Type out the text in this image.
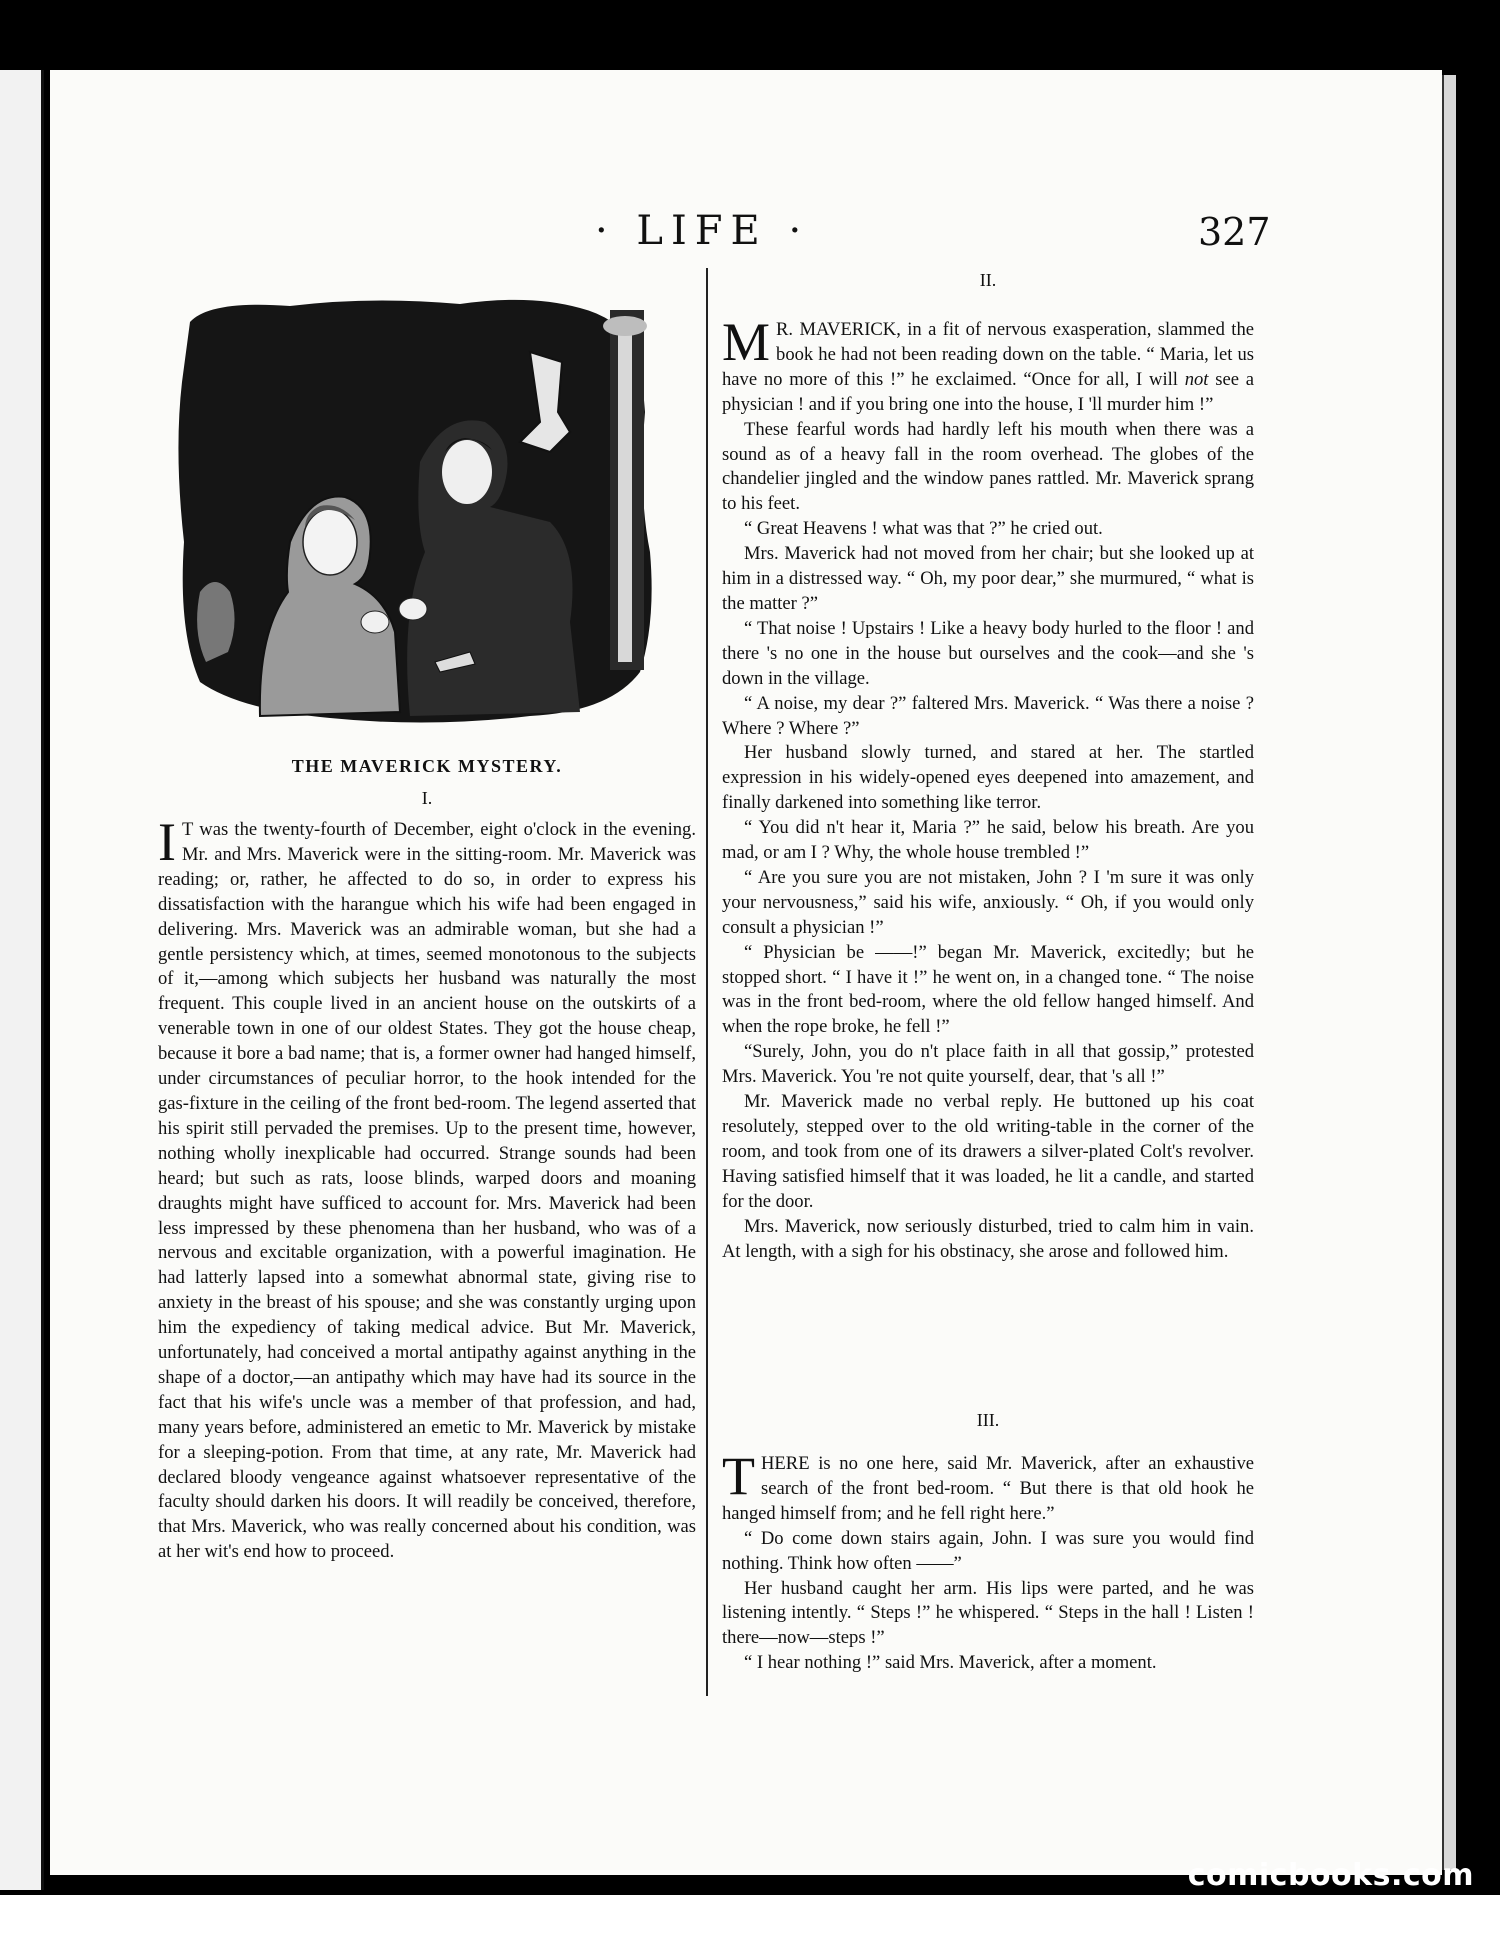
comicbooks.com
· LIFE ·	327
THE MAVERICK MYSTERY.
I.

I T was the twenty-fourth of December, eight o'clock in the evening. Mr. and Mrs. Maverick were in the sitting-room. Mr. Maverick was reading; or, rather, he affected to do so, in order to express his dissatisfaction with the harangue which his wife had been engaged in delivering. Mrs. Maverick was an admirable woman, but she had a gentle persistency which, at times, seemed monotonous to the subjects of it,—among which subjects her husband was naturally the most frequent. This couple lived in an ancient house on the outskirts of a venerable town in one of our oldest States. They got the house cheap, because it bore a bad name; that is, a former owner had hanged himself, under circumstances of peculiar horror, to the hook intended for the gas-fixture in the ceiling of the front bed-room. The legend asserted that his spirit still pervaded the premises. Up to the present time, however, nothing wholly inexplicable had occurred. Strange sounds had been heard; but such as rats, loose blinds, warped doors and moaning draughts might have sufficed to account for. Mrs. Maverick had been less impressed by these phenomena than her husband, who was of a nervous and excitable organization, with a powerful imagination. He had latterly lapsed into a somewhat abnormal state, giving rise to anxiety in the breast of his spouse; and she was constantly urging upon him the expediency of taking medical advice. But Mr. Maverick, unfortunately, had conceived a mortal antipathy against anything in the shape of a doctor,—an antipathy which may have had its source in the fact that his wife's uncle was a member of that profession, and had, many years before, administered an emetic to Mr. Maverick by mistake for a sleeping-potion. From that time, at any rate, Mr. Maverick had declared bloody vengeance against whatsoever representative of the faculty should darken his doors. It will readily be conceived, therefore, that Mrs. Maverick, who was really concerned about his condition, was at her wit's end how to proceed.

II.

M R. MAVERICK, in a fit of nervous exasperation, slammed the book he had not been reading down on the table. “ Maria, let us have no more of this !” he exclaimed. “Once for all, I will not see a physician ! and if you bring one into the house, I 'll murder him !”

These fearful words had hardly left his mouth when there was a sound as of a heavy fall in the room overhead. The globes of the chandelier jingled and the window panes rattled. Mr. Maverick sprang to his feet.

“ Great Heavens ! what was that ?” he cried out.

Mrs. Maverick had not moved from her chair; but she looked up at him in a distressed way. “ Oh, my poor dear,” she murmured, “ what is the matter ?”

“ That noise ! Upstairs ! Like a heavy body hurled to the floor ! and there 's no one in the house but ourselves and the cook—and she 's down in the village.

“ A noise, my dear ?” faltered Mrs. Maverick. “ Was there a noise ? Where ? Where ?”

Her husband slowly turned, and stared at her. The startled expression in his widely-opened eyes deepened into amazement, and finally darkened into something like terror.

“ You did n't hear it, Maria ?” he said, below his breath. Are you mad, or am I ? Why, the whole house trembled !”

“ Are you sure you are not mistaken, John ? I 'm sure it was only your nervousness,” said his wife, anxiously. “ Oh, if you would only consult a physician !”

“ Physician be ——!” began Mr. Maverick, excitedly; but he stopped short. “ I have it !” he went on, in a changed tone. “ The noise was in the front bed-room, where the old fellow hanged himself. And when the rope broke, he fell !”

“Surely, John, you do n't place faith in all that gossip,” protested Mrs. Maverick. You 're not quite yourself, dear, that 's all !”

Mr. Maverick made no verbal reply. He buttoned up his coat resolutely, stepped over to the old writing-table in the corner of the room, and took from one of its drawers a silver-plated Colt's revolver. Having satisfied himself that it was loaded, he lit a candle, and started for the door.

Mrs. Maverick, now seriously disturbed, tried to calm him in vain. At length, with a sigh for his obstinacy, she arose and followed him.

III.

THERE is no one here, said Mr. Maverick, after an exhaustive search of the front bed-room. “ But there is that old hook he hanged himself from; and he fell right here.”

“ Do come down stairs again, John. I was sure you would find nothing. Think how often ——”

Her husband caught her arm. His lips were parted, and he was listening intently. “ Steps !” he whispered. “ Steps in the hall ! Listen ! there—now—steps !”

“ I hear nothing !” said Mrs. Maverick, after a moment.
